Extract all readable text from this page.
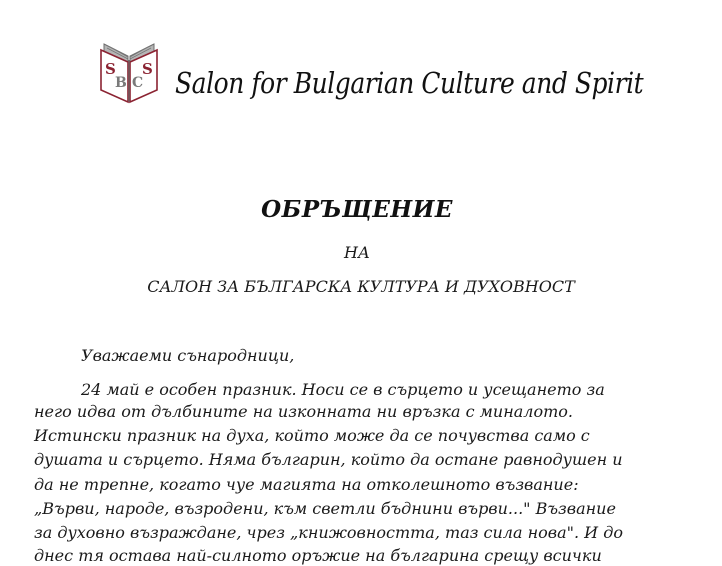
S
B C
S Salon for Bulgarian Culture and Spirit
ОБРЪЩЕНИЕ
НА
САЛОН ЗА БЪЛГАРСКА КУЛТУРА И ДУХОВНОСТ
Уважаеми сънародници,
24 май е особен празник. Носи се в сърцето и усещането за
него идва от дълбините на изконната ни връзка с миналото.
Истински празник на духа, който може да се почувства само с
душата и сърцето. Няма българин, който да остане равнодушен и
да не трепне, когато чуе магията на отколешното възвание:
„Върви, народе, възродени, към светли бъднини върви..." Възвание
за духовно възраждане, чрез „книжовността, таз сила нова". И до
днес тя остава най-силното оръжие на българина срещу всички
